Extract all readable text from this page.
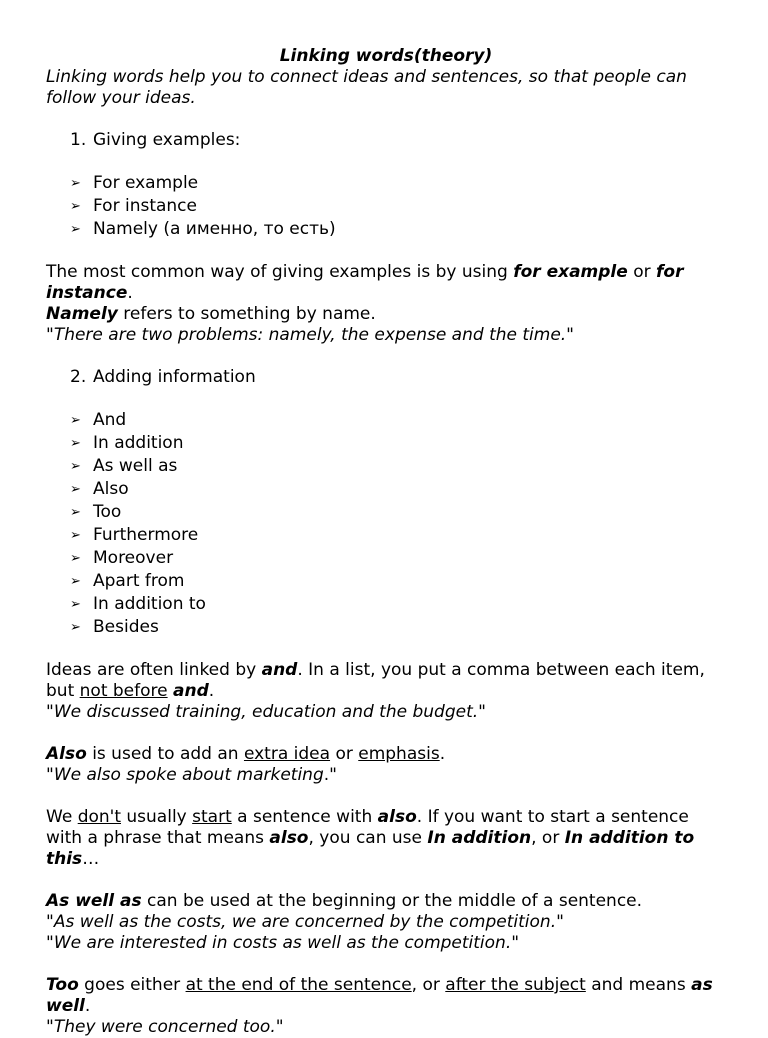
Linking words(theory)

Linking words help you to connect ideas and sentences, so that people can follow your ideas.

1. Giving examples:

➢ For example
➢ For instance
➢ Namely (а именно, то есть)

The most common way of giving examples is by using for example or for instance.

Namely refers to something by name.

"There are two problems: namely, the expense and the time."

2. Adding information

➢ And
➢ In addition
➢ As well as
➢ Also
➢ Too
➢ Furthermore
➢ Moreover
➢ Apart from
➢ In addition to
➢ Besides

Ideas are often linked by and. In a list, you put a comma between each item, but not before and.

"We discussed training, education and the budget."

Also is used to add an extra idea or emphasis.

"We also spoke about marketing."

We don't usually start a sentence with also. If you want to start a sentence with a phrase that means also, you can use In addition, or In addition to this…

As well as can be used at the beginning or the middle of a sentence.

"As well as the costs, we are concerned by the competition."

"We are interested in costs as well as the competition."

Too goes either at the end of the sentence, or after the subject and means as well.

"They were concerned too."
